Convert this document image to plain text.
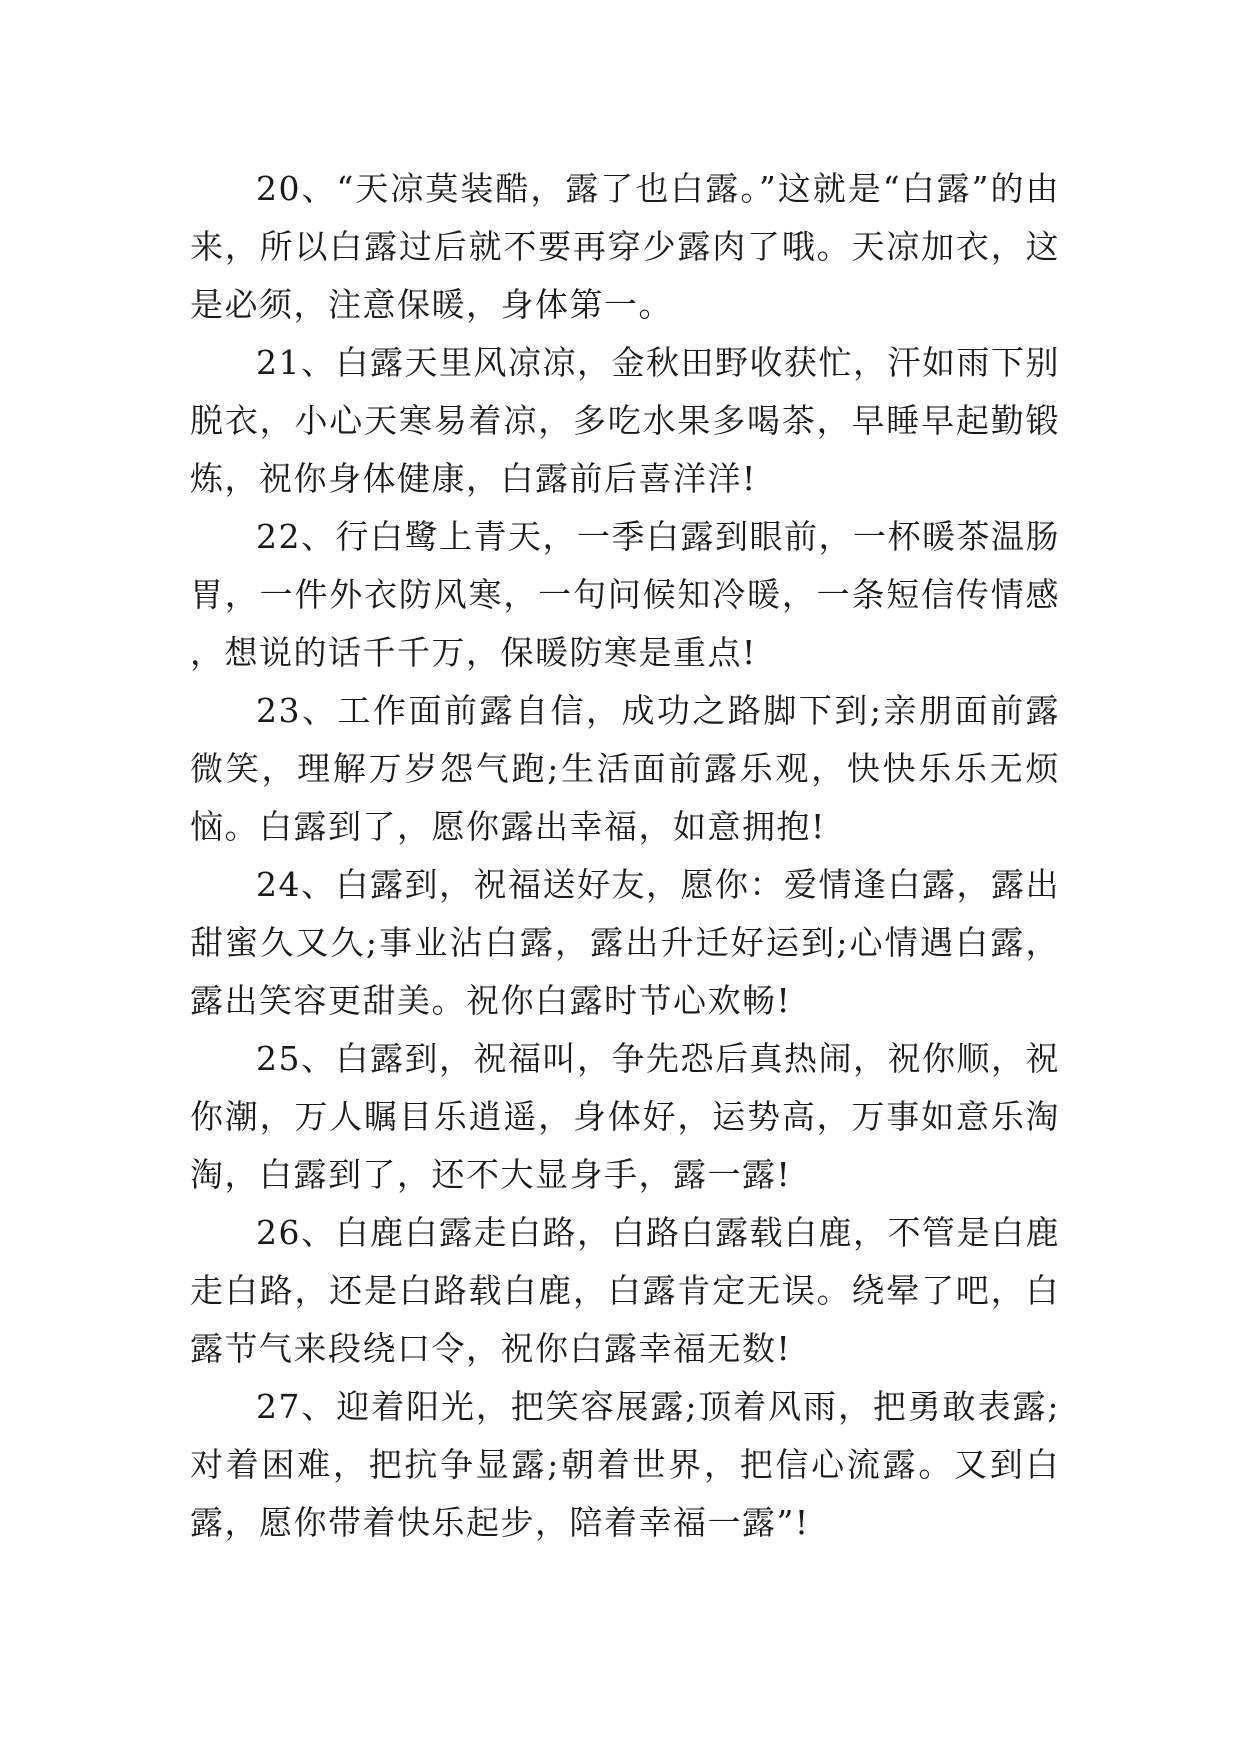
20、“天凉莫装酷，露了也白露。”这就是“白露”的由来，所以白露过后就不要再穿少露肉了哦。天凉加衣，这是必须，注意保暖，身体第一。

21、白露天里风凉凉，金秋田野收获忙，汗如雨下别脱衣，小心天寒易着凉，多吃水果多喝茶，早睡早起勤锻炼，祝你身体健康，白露前后喜洋洋!

22、行白鹭上青天，一季白露到眼前，一杯暖茶温肠胃，一件外衣防风寒，一句问候知冷暖，一条短信传情感，想说的话千千万，保暖防寒是重点!

23、工作面前露自信，成功之路脚下到;亲朋面前露微笑，理解万岁怨气跑;生活面前露乐观，快快乐乐无烦恼。白露到了，愿你露出幸福，如意拥抱!

24、白露到，祝福送好友，愿你：爱情逢白露，露出甜蜜久又久;事业沾白露，露出升迁好运到;心情遇白露，露出笑容更甜美。祝你白露时节心欢畅!

25、白露到，祝福叫，争先恐后真热闹，祝你顺，祝你潮，万人瞩目乐逍遥，身体好，运势高，万事如意乐淘淘，白露到了，还不大显身手，露一露!

26、白鹿白露走白路，白路白露载白鹿，不管是白鹿走白路，还是白路载白鹿，白露肯定无误。绕晕了吧，白露节气来段绕口令，祝你白露幸福无数!

27、迎着阳光，把笑容展露;顶着风雨，把勇敢表露;对着困难，把抗争显露;朝着世界，把信心流露。又到白露，愿你带着快乐起步，陪着幸福一露”!
